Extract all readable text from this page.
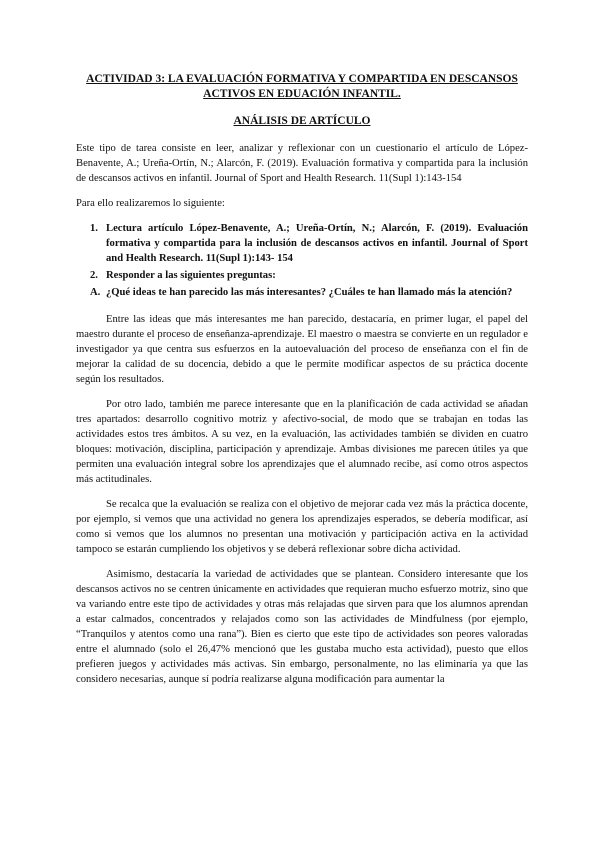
ACTIVIDAD 3: LA EVALUACIÓN FORMATIVA Y COMPARTIDA EN DESCANSOS ACTIVOS EN EDUACIÓN INFANTIL.
ANÁLISIS DE ARTÍCULO

Este tipo de tarea consiste en leer, analizar y reflexionar con un cuestionario el artículo de López-Benavente, A.; Ureña-Ortín, N.; Alarcón, F. (2019). Evaluación formativa y compartida para la inclusión de descansos activos en infantil. Journal of Sport and Health Research. 11(Supl 1):143-154

Para ello realizaremos lo siguiente:

1. Lectura artículo López-Benavente, A.; Ureña-Ortín, N.; Alarcón, F. (2019). Evaluación formativa y compartida para la inclusión de descansos activos en infantil. Journal of Sport and Health Research. 11(Supl 1):143- 154
2. Responder a las siguientes preguntas:
A. ¿Qué ideas te han parecido las más interesantes? ¿Cuáles te han llamado más la atención?

Entre las ideas que más interesantes me han parecido, destacaría, en primer lugar, el papel del maestro durante el proceso de enseñanza-aprendizaje. El maestro o maestra se convierte en un regulador e investigador ya que centra sus esfuerzos en la autoevaluación del proceso de enseñanza con el fin de mejorar la calidad de su docencia, debido a que le permite modificar aspectos de su práctica docente según los resultados.

Por otro lado, también me parece interesante que en la planificación de cada actividad se añadan tres apartados: desarrollo cognitivo motriz y afectivo-social, de modo que se trabajan en todas las actividades estos tres ámbitos. A su vez, en la evaluación, las actividades también se dividen en cuatro bloques: motivación, disciplina, participación y aprendizaje. Ambas divisiones me parecen útiles ya que permiten una evaluación integral sobre los aprendizajes que el alumnado recibe, así como otros aspectos más actitudinales.

Se recalca que la evaluación se realiza con el objetivo de mejorar cada vez más la práctica docente, por ejemplo, si vemos que una actividad no genera los aprendizajes esperados, se debería modificar, así como si vemos que los alumnos no presentan una motivación y participación activa en la actividad tampoco se estarán cumpliendo los objetivos y se deberá reflexionar sobre dicha actividad.

Asimismo, destacaría la variedad de actividades que se plantean. Considero interesante que los descansos activos no se centren únicamente en actividades que requieran mucho esfuerzo motriz, sino que va variando entre este tipo de actividades y otras más relajadas que sirven para que los alumnos aprendan a estar calmados, concentrados y relajados como son las actividades de Mindfulness (por ejemplo, “Tranquilos y atentos como una rana”). Bien es cierto que este tipo de actividades son peores valoradas entre el alumnado (solo el 26,47% mencionó que les gustaba mucho esta actividad), puesto que ellos prefieren juegos y actividades más activas. Sin embargo, personalmente, no las eliminaría ya que las considero necesarias, aunque sí podría realizarse alguna modificación para aumentar la
